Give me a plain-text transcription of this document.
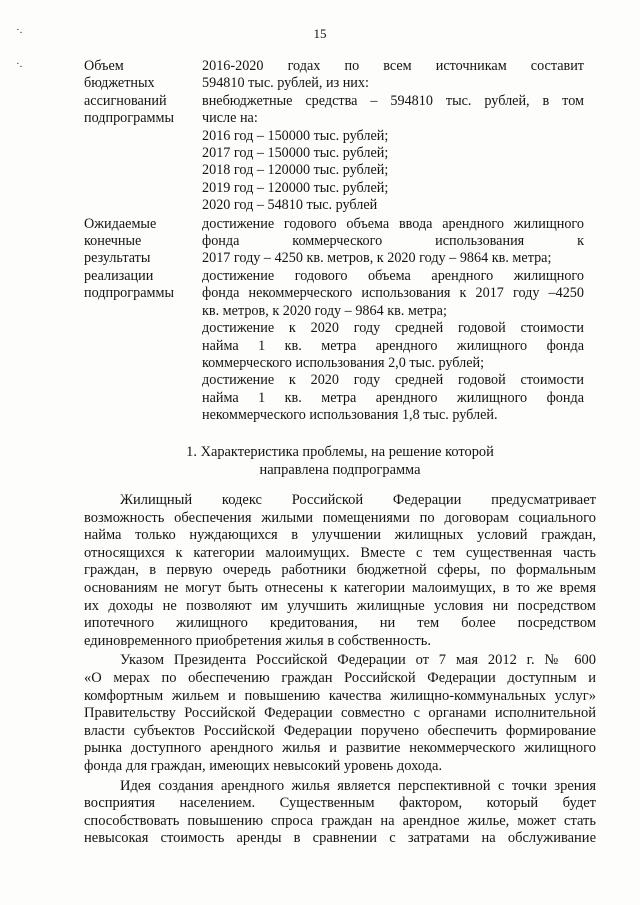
15
·.
·.	Объем
бюджетных
ассигнований
подпрограммы
2016-2020 годах по всем источникам составит
594810 тыс. рублей, из них:
внебюджетные средства – 594810 тыс. рублей, в том
числе на:
2016 год – 150000 тыс. рублей;
2017 год – 150000 тыс. рублей;
2018 год – 120000 тыс. рублей;
2019 год – 120000 тыс. рублей;
2020 год – 54810 тыс. рублей
Ожидаемые
конечные
результаты
реализации
подпрограммы
достижение годового объема ввода арендного жилищного
фонда коммерческого использования к
2017 году – 4250 кв. метров, к 2020 году – 9864 кв. метра;
достижение годового объема арендного жилищного
фонда некоммерческого использования к 2017 году –4250
кв. метров, к 2020 году – 9864 кв. метра;
достижение к 2020 году средней годовой стоимости
найма 1 кв. метра арендного жилищного фонда
коммерческого использования 2,0 тыс. рублей;
достижение к 2020 году средней годовой стоимости
найма 1 кв. метра арендного жилищного фонда
некоммерческого использования 1,8 тыс. рублей.
1. Характеристика проблемы, на решение которой
направлена подпрограмма
Жилищный кодекс Российской Федерации предусматривает
возможность обеспечения жилыми помещениями по договорам социального
найма только нуждающихся в улучшении жилищных условий граждан,
относящихся к категории малоимущих. Вместе с тем существенная часть
граждан, в первую очередь работники бюджетной сферы, по формальным
основаниям не могут быть отнесены к категории малоимущих, в то же время
их доходы не позволяют им улучшить жилищные условия ни посредством
ипотечного жилищного кредитования, ни тем более посредством
единовременного приобретения жилья в собственность.
Указом Президента Российской Федерации от 7 мая 2012 г. № 600
«О мерах по обеспечению граждан Российской Федерации доступным и
комфортным жильем и повышению качества жилищно-коммунальных услуг»
Правительству Российской Федерации совместно с органами исполнительной
власти субъектов Российской Федерации поручено обеспечить формирование
рынка доступного арендного жилья и развитие некоммерческого жилищного
фонда для граждан, имеющих невысокий уровень дохода.
Идея создания арендного жилья является перспективной с точки зрения
восприятия населением. Существенным фактором, который будет
способствовать повышению спроса граждан на арендное жилье, может стать
невысокая стоимость аренды в сравнении с затратами на обслуживание
